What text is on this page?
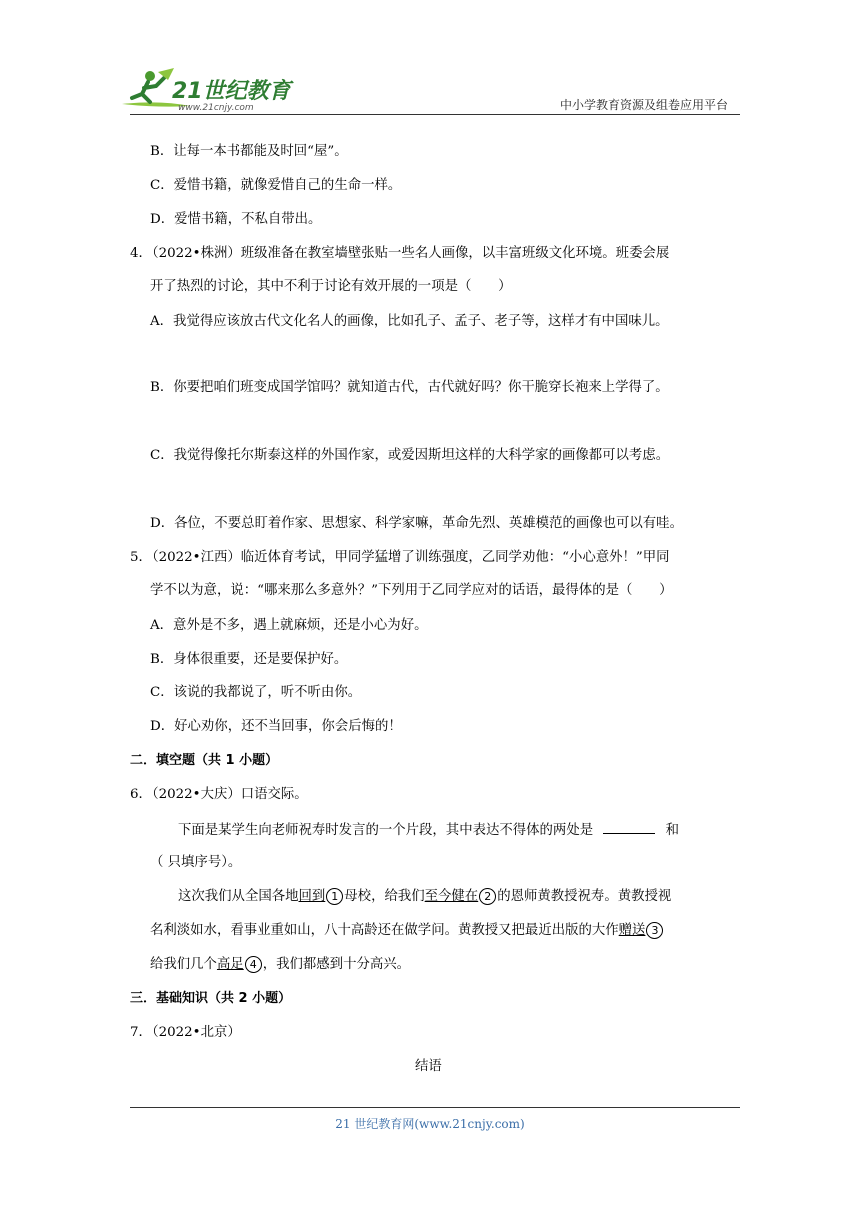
21世纪教育
www.21cnjy.com	中小学教育资源及组卷应用平台
B．让每一本书都能及时回“屋”。
C．爱惜书籍，就像爱惜自己的生命一样。
D．爱惜书籍，不私自带出。
4．（2022•株洲）班级准备在教室墙壁张贴一些名人画像，以丰富班级文化环境。班委会展
开了热烈的讨论，其中不利于讨论有效开展的一项是（　　）
A．我觉得应该放古代文化名人的画像，比如孔子、孟子、老子等，这样才有中国味儿。
B．你要把咱们班变成国学馆吗？就知道古代，古代就好吗？你干脆穿长袍来上学得了。
C．我觉得像托尔斯泰这样的外国作家，或爱因斯坦这样的大科学家的画像都可以考虑。
D．各位，不要总盯着作家、思想家、科学家嘛，革命先烈、英雄模范的画像也可以有哇。
5．（2022•江西）临近体育考试，甲同学猛增了训练强度，乙同学劝他：“小心意外！”甲同
学不以为意，说：“哪来那么多意外？”下列用于乙同学应对的话语，最得体的是（　　）
A．意外是不多，遇上就麻烦，还是小心为好。
B．身体很重要，还是要保护好。
C．该说的我都说了，听不听由你。
D．好心劝你，还不当回事，你会后悔的！
二．填空题（共 1 小题）
6．（2022•大庆）口语交际。
下面是某学生向老师祝寿时发言的一个片段，其中表达不得体的两处是	和
（ 只填序号）。
这次我们从全国各地回到 1 母校，给我们至今健在 2 的恩师黄教授祝寿。黄教授视
名利淡如水，看事业重如山，八十高龄还在做学问。黄教授又把最近出版的大作赠送 3
给我们几个高足 4 ，我们都感到十分高兴。
三．基础知识（共 2 小题）
7．（2022•北京）
结语
21 世纪教育网(www.21cnjy.com)
